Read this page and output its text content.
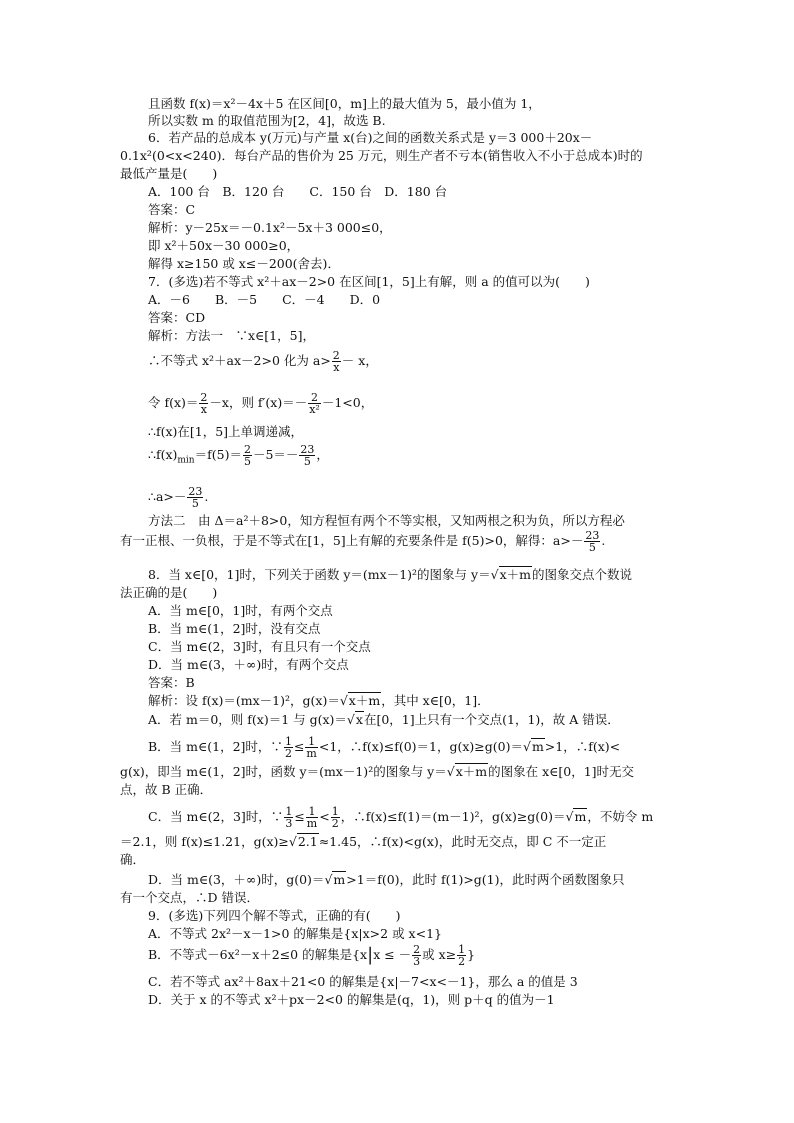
且函数 f(x)＝x²－4x＋5 在区间[0，m]上的最大值为 5，最小值为 1，
所以实数 m 的取值范围为[2，4]，故选 B.
6．若产品的总成本 y(万元)与产量 x(台)之间的函数关系式是 y＝3 000＋20x－
0.1x²(0<x<240)．每台产品的售价为 25 万元，则生产者不亏本(销售收入不小于总成本)时的
最低产量是(　　)
A．100 台　B．120 台　　C．150 台　D．180 台
答案：C
解析：y－25x＝－0.1x²－5x＋3 000≤0，
即 x²＋50x－30 000≥0，
解得 x≥150 或 x≤－200(舍去)．
7．(多选)若不等式 x²＋ax－2>0 在区间[1，5]上有解，则 a 的值可以为(　　)
A．－6　　B．－5　　C．－4　　D．0
答案：CD
解析：方法一　∵x∈[1，5]，
∴不等式 x²＋ax－2>0 化为 $a> \frac{2}{x} - x$，
令 $f(x)= \frac{2}{x} -x$，则 $f'(x)=- \frac{2}{\text{x²}} -1<0$，
∴f(x)在[1，5]上单调递减，
$\therefore f(x)_{min}=f(5)= \frac{2}{5} -5=- \frac{23}{5}$ ，
∴a>－ $\frac{23}{5}$ .
方法二　由 Δ＝a²＋8>0，知方程恒有两个不等实根，又知两根之积为负，所以方程必
有一正根、一负根，于是不等式在[1，5]上有解的充要条件是 f(5)>0，解得：$a>- \frac{23}{5}$ .
8．当 x∈[0，1]时，下列关于函数 y＝(mx－1)²的图象与 y＝√x＋m的图象交点个数说
法正确的是(　　)
A．当 m∈[0，1]时，有两个交点
B．当 m∈(1，2]时，没有交点
C．当 m∈(2，3]时，有且只有一个交点
D．当 m∈(3，＋∞)时，有两个交点
答案：B
解析：设 f(x)＝(mx－1)²，g(x)＝√x＋m，其中 x∈[0，1]．
A．若 m＝0，则 f(x)＝1 与 g(x)＝√x在[0，1]上只有一个交点(1，1)，故 A 错误．
B．当 m∈(1，2]时，∵ $\frac{1}{2} \le \frac{1}{m} <1$，∴f(x)≤f(0)＝1，g(x)≥g(0)＝√m>1，∴f(x)<
g(x)，即当 m∈(1，2]时，函数 y＝(mx－1)²的图象与 y＝√x＋m的图象在 x∈[0，1]时无交
点，故 B 正确．
C．当 m∈(2，3]时，∵ $\frac{1}{3} \le \frac{1}{m} < \frac{1}{2}$ ，∴f(x)≤f(1)＝(m－1)²，g(x)≥g(0)＝√m，不妨令 m
＝2.1，则 f(x)≤1.21，g(x)≥√2.1≈1.45，∴f(x)<g(x)，此时无交点，即 C 不一定正
确．
D．当 m∈(3，＋∞)时，g(0)＝√m>1＝f(0)，此时 f(1)>g(1)，此时两个函数图象只
有一个交点，∴D 错误．
9．(多选)下列四个解不等式，正确的有(　　)
A．不等式 2x²－x－1>0 的解集是{x|x>2 或 x<1}
B．不等式－6x²－x＋2≤0 的解集是{x|x ≤ － $\frac{2}{3}$ 或 $x\ge \frac{1}{2}$ }
C．若不等式 ax²＋8ax＋21<0 的解集是{x|－7<x<－1}，那么 a 的值是 3
D．关于 x 的不等式 x²＋px－2<0 的解集是(q，1)，则 p＋q 的值为－1
